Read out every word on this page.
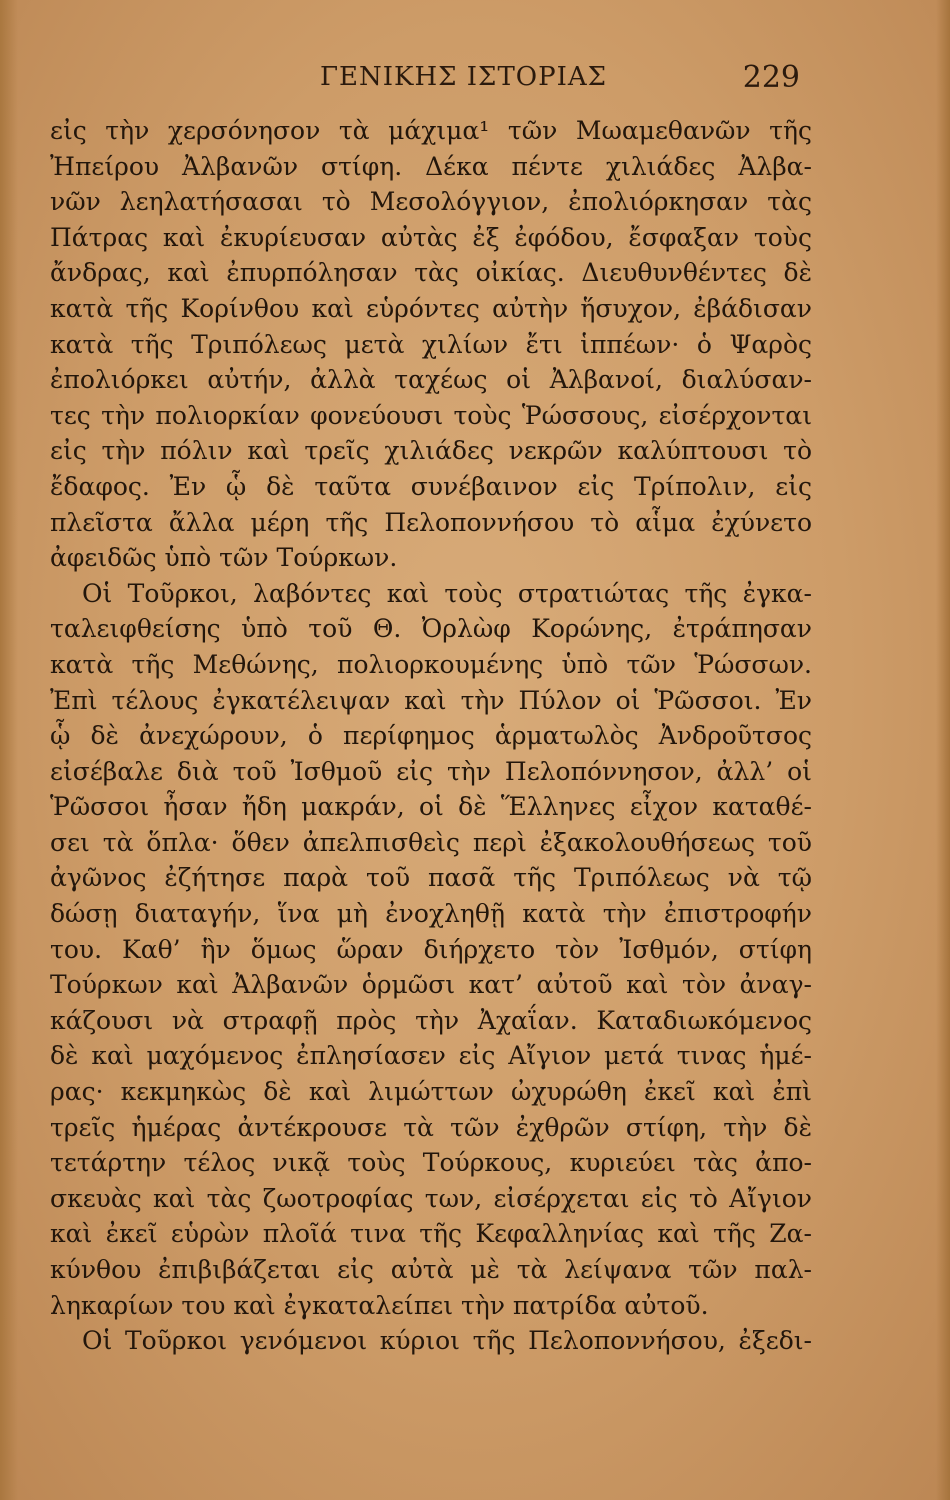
ΓΕΝΙΚΗΣ ΙΣΤΟΡΙΑΣ	229
εἰς τὴν χερσόνησον τὰ μάχιμα¹ τῶν Μωαμεθανῶν τῆς
Ἠπείρου Ἀλβανῶν στίφη. Δέκα πέντε χιλιάδες Ἀλβα-
νῶν λεηλατήσασαι τὸ Μεσολόγγιον, ἐπολιόρκησαν τὰς
Πάτρας καὶ ἐκυρίευσαν αὐτὰς ἐξ ἐφόδου, ἔσφαξαν τοὺς
ἄνδρας, καὶ ἐπυρπόλησαν τὰς οἰκίας. Διευθυνθέντες δὲ
κατὰ τῆς Κορίνθου καὶ εὑρόντες αὐτὴν ἥσυχον, ἐβάδισαν
κατὰ τῆς Τριπόλεως μετὰ χιλίων ἔτι ἱππέων· ὁ Ψαρὸς
ἐπολιόρκει αὐτήν, ἀλλὰ ταχέως οἱ Ἀλβανοί, διαλύσαν-
τες τὴν πολιορκίαν φονεύουσι τοὺς Ῥώσσους, εἰσέρχονται
εἰς τὴν πόλιν καὶ τρεῖς χιλιάδες νεκρῶν καλύπτουσι τὸ
ἔδαφος. Ἐν ᾧ δὲ ταῦτα συνέβαινον εἰς Τρίπολιν, εἰς
πλεῖστα ἄλλα μέρη τῆς Πελοποννήσου τὸ αἷμα ἐχύνετο
ἀφειδῶς ὑπὸ τῶν Τούρκων.
Οἱ Τοῦρκοι, λαβόντες καὶ τοὺς στρατιώτας τῆς ἐγκα-
ταλειφθείσης ὑπὸ τοῦ Θ. Ὀρλὼφ Κορώνης, ἐτράπησαν
κατὰ τῆς Μεθώνης, πολιορκουμένης ὑπὸ τῶν Ῥώσσων.
Ἐπὶ τέλους ἐγκατέλειψαν καὶ τὴν Πύλον οἱ Ῥῶσσοι. Ἐν
ᾧ δὲ ἀνεχώρουν, ὁ περίφημος ἁρματωλὸς Ἀνδροῦτσος
εἰσέβαλε διὰ τοῦ Ἰσθμοῦ εἰς τὴν Πελοπόννησον, ἀλλ’ οἱ
Ῥῶσσοι ἦσαν ἤδη μακράν, οἱ δὲ Ἕλληνες εἶχον καταθέ-
σει τὰ ὅπλα· ὅθεν ἀπελπισθεὶς περὶ ἐξακολουθήσεως τοῦ
ἀγῶνος ἐζήτησε παρὰ τοῦ πασᾶ τῆς Τριπόλεως νὰ τῷ
δώσῃ διαταγήν, ἵνα μὴ ἐνοχληθῇ κατὰ τὴν ἐπιστροφήν
του. Καθ’ ἣν ὅμως ὥραν διήρχετο τὸν Ἰσθμόν, στίφη
Τούρκων καὶ Ἀλβανῶν ὁρμῶσι κατ’ αὐτοῦ καὶ τὸν ἀναγ-
κάζουσι νὰ στραφῇ πρὸς τὴν Ἀχαΐαν. Καταδιωκόμενος
δὲ καὶ μαχόμενος ἐπλησίασεν εἰς Αἴγιον μετά τινας ἡμέ-
ρας· κεκμηκὼς δὲ καὶ λιμώττων ὠχυρώθη ἐκεῖ καὶ ἐπὶ
τρεῖς ἡμέρας ἀντέκρουσε τὰ τῶν ἐχθρῶν στίφη, τὴν δὲ
τετάρτην τέλος νικᾷ τοὺς Τούρκους, κυριεύει τὰς ἀπο-
σκευὰς καὶ τὰς ζωοτροφίας των, εἰσέρχεται εἰς τὸ Αἴγιον
καὶ ἐκεῖ εὑρὼν πλοῖά τινα τῆς Κεφαλληνίας καὶ τῆς Ζα-
κύνθου ἐπιβιβάζεται εἰς αὐτὰ μὲ τὰ λείψανα τῶν παλ-
ληκαρίων του καὶ ἐγκαταλείπει τὴν πατρίδα αὐτοῦ.
Οἱ Τοῦρκοι γενόμενοι κύριοι τῆς Πελοποννήσου, ἐξεδι-
